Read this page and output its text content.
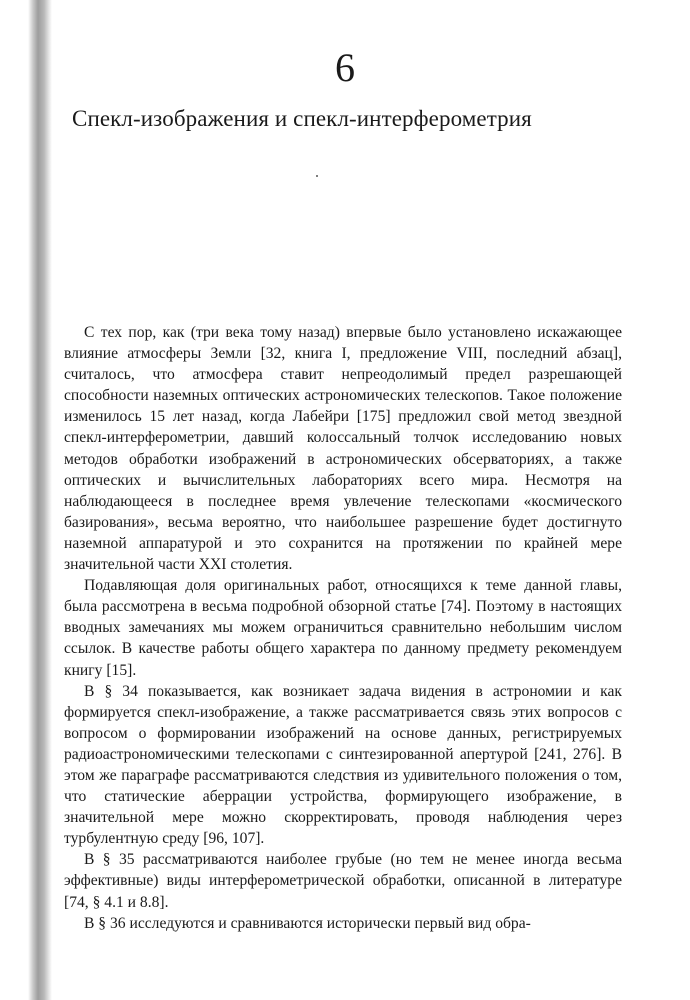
6
Спекл-изображения и спекл-интерферометрия

С тех пор, как (три века тому назад) впервые было установлено искажающее влияние атмосферы Земли [32, книга I, предложение VIII, последний абзац], считалось, что атмосфера ставит непреодолимый предел разрешающей способности наземных оптических астрономических телескопов. Такое положение изменилось 15 лет назад, когда Лабейри [175] предложил свой метод звездной спекл-интерферометрии, давший колоссальный толчок исследованию новых методов обработки изображений в астрономических обсерваториях, а также оптических и вычислительных лабораториях всего мира. Несмотря на наблюдающееся в последнее время увлечение телескопами «космического базирования», весьма вероятно, что наибольшее разрешение будет достигнуто наземной аппаратурой и это сохранится на протяжении по крайней мере значительной части XXI столетия.

Подавляющая доля оригинальных работ, относящихся к теме данной главы, была рассмотрена в весьма подробной обзорной статье [74]. Поэтому в настоящих вводных замечаниях мы можем ограничиться сравнительно небольшим числом ссылок. В качестве работы общего характера по данному предмету рекомендуем книгу [15].

В § 34 показывается, как возникает задача видения в астрономии и как формируется спекл-изображение, а также рассматривается связь этих вопросов с вопросом о формировании изображений на основе данных, регистрируемых радиоастрономическими телескопами с синтезированной апертурой [241, 276]. В этом же параграфе рассматриваются следствия из удивительного положения о том, что статические аберрации устройства, формирующего изображение, в значительной мере можно скорректировать, проводя наблюдения через турбулентную среду [96, 107].

В § 35 рассматриваются наиболее грубые (но тем не менее иногда весьма эффективные) виды интерферометрической обработки, описанной в литературе [74, § 4.1 и 8.8].

В § 36 исследуются и сравниваются исторически первый вид обра-
